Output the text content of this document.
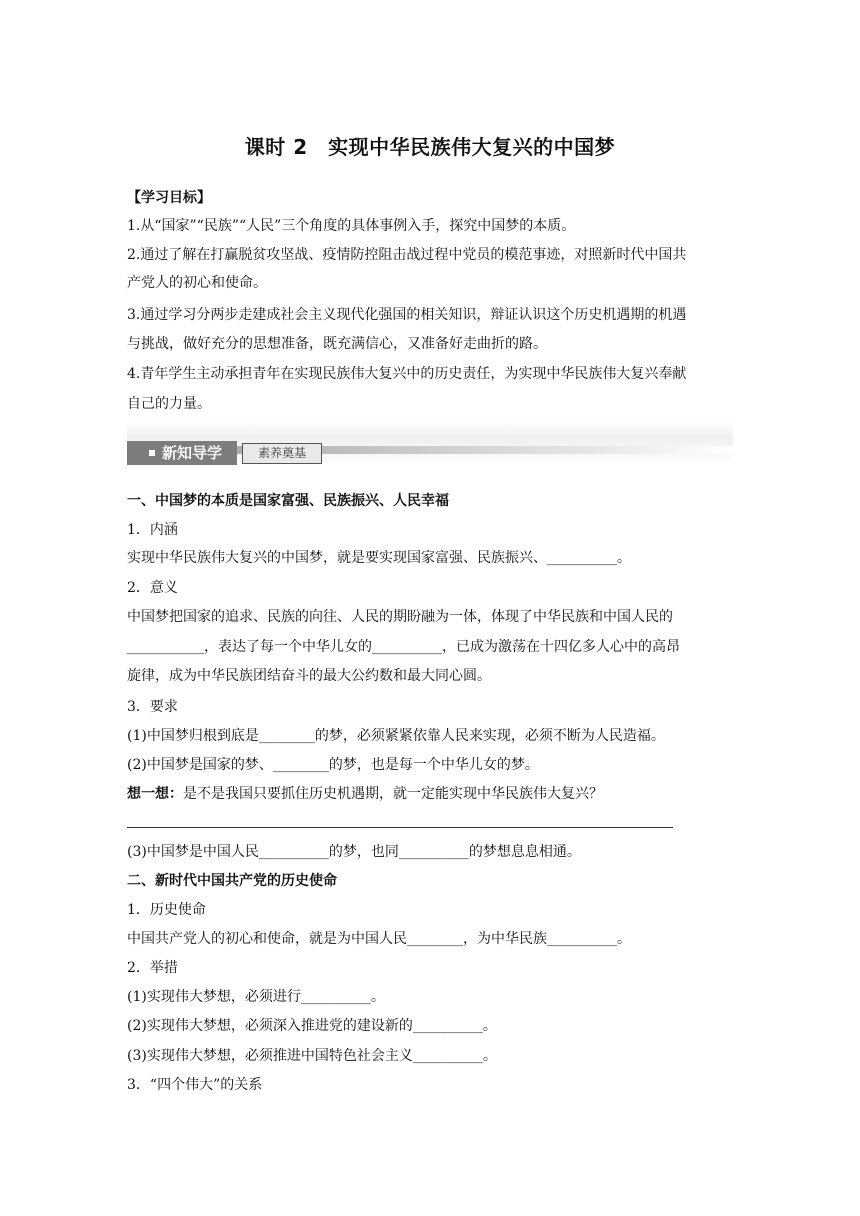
课时 2　实现中华民族伟大复兴的中国梦
【学习目标】
1.从“国家”“民族”“人民”三个角度的具体事例入手，探究中国梦的本质。
2.通过了解在打赢脱贫攻坚战、疫情防控阻击战过程中党员的模范事迹，对照新时代中国共
产党人的初心和使命。
3.通过学习分两步走建成社会主义现代化强国的相关知识，辩证认识这个历史机遇期的机遇
与挑战，做好充分的思想准备，既充满信心，又准备好走曲折的路。
4.青年学生主动承担青年在实现民族伟大复兴中的历史责任，为实现中华民族伟大复兴奉献
自己的力量。
新知导学	素养奠基
一、中国梦的本质是国家富强、民族振兴、人民幸福
1．内涵
实现中华民族伟大复兴的中国梦，就是要实现国家富强、民族振兴、__________。
2．意义
中国梦把国家的追求、民族的向往、人民的期盼融为一体，体现了中华民族和中国人民的
___________，表达了每一个中华儿女的__________，已成为激荡在十四亿多人心中的高昂
旋律，成为中华民族团结奋斗的最大公约数和最大同心圆。
3．要求
(1)中国梦归根到底是________的梦，必须紧紧依靠人民来实现，必须不断为人民造福。
(2)中国梦是国家的梦、________的梦，也是每一个中华儿女的梦。
想一想：是不是我国只要抓住历史机遇期，就一定能实现中华民族伟大复兴？
(3)中国梦是中国人民__________的梦，也同__________的梦想息息相通。
二、新时代中国共产党的历史使命
1．历史使命
中国共产党人的初心和使命，就是为中国人民________，为中华民族__________。
2．举措
(1)实现伟大梦想，必须进行__________。
(2)实现伟大梦想，必须深入推进党的建设新的__________。
(3)实现伟大梦想，必须推进中国特色社会主义__________。
3．“四个伟大”的关系
